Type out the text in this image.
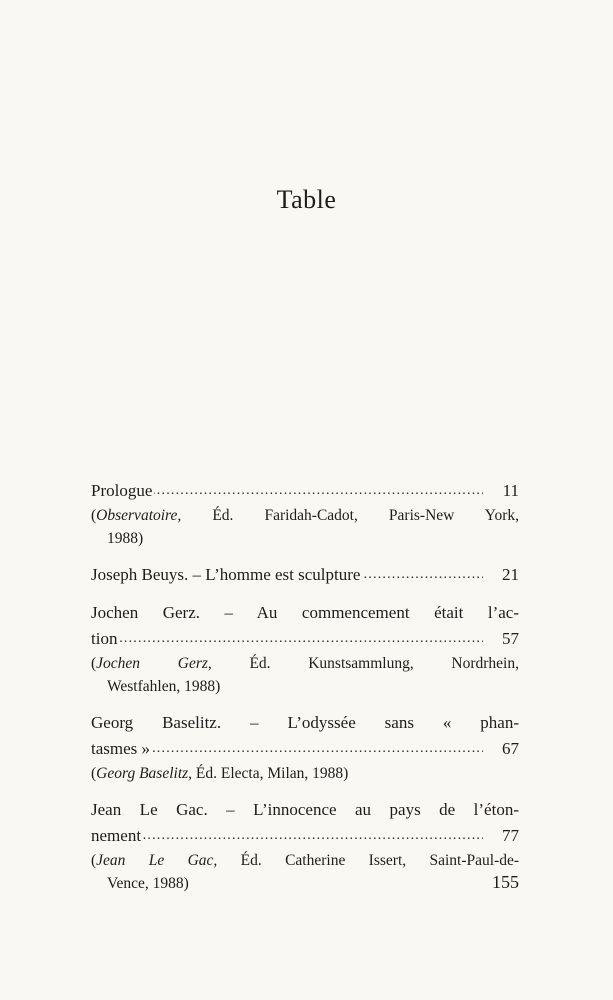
Table
..... Prologue	11
(Observatoire, Éd. Faridah-Cadot, Paris-New York,
1988)
..... Joseph Beuys. – L’homme est sculpture	21
Jochen Gerz. – Au commencement était l’ac-
..... tion	57
(Jochen Gerz, Éd. Kunstsammlung, Nordrhein,
Westfahlen, 1988)
Georg Baselitz. – L’odyssée sans « phan-
..... tasmes »	67
(Georg Baselitz, Éd. Electa, Milan, 1988)
Jean Le Gac. – L’innocence au pays de l’éton-
..... nement	77
(Jean Le Gac, Éd. Catherine Issert, Saint-Paul-de-
Vence, 1988)	155
